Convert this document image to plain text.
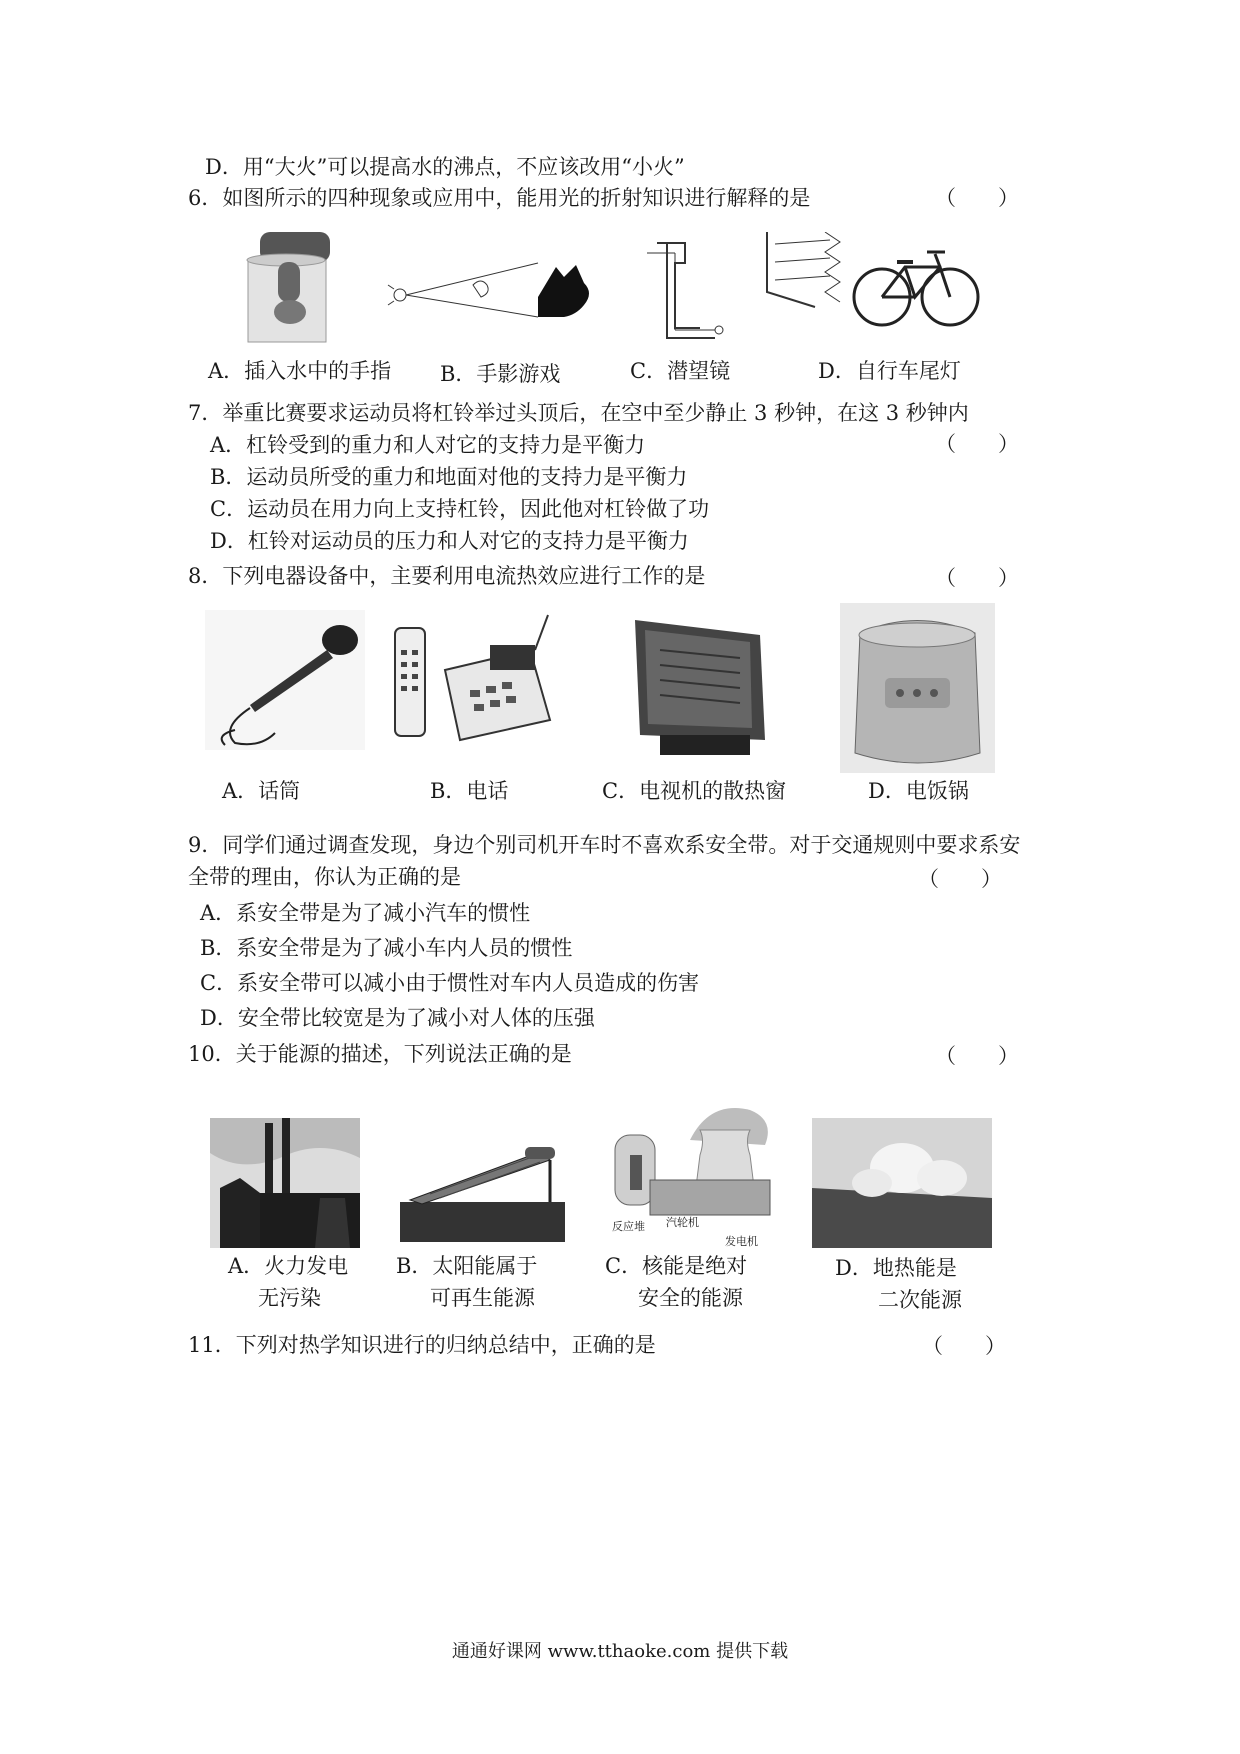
D．用“大火”可以提高水的沸点，不应该改用“小火”
6．如图所示的四种现象或应用中，能用光的折射知识进行解释的是	（　　）
A．插入水中的手指 B．手影游戏	C．潜望镜	D．自行车尾灯
7．举重比赛要求运动员将杠铃举过头顶后，在空中至少静止 3 秒钟，在这 3 秒钟内
（　　）
A．杠铃受到的重力和人对它的支持力是平衡力
B．运动员所受的重力和地面对他的支持力是平衡力
C．运动员在用力向上支持杠铃，因此他对杠铃做了功
D．杠铃对运动员的压力和人对它的支持力是平衡力
8．下列电器设备中，主要利用电流热效应进行工作的是	（　　）
A．话筒	B．电话	C．电视机的散热窗	D．电饭锅
9．同学们通过调查发现，身边个别司机开车时不喜欢系安全带。对于交通规则中要求系安
全带的理由，你认为正确的是	（　　）
A．系安全带是为了减小汽车的惯性
B．系安全带是为了减小车内人员的惯性
C．系安全带可以减小由于惯性对车内人员造成的伤害
D．安全带比较宽是为了减小对人体的压强
10．关于能源的描述，下列说法正确的是	（　　）
反应堆 汽轮机
发电机
A．火力发电
无污染
B．太阳能属于
可再生能源
C．核能是绝对
安全的能源
D．地热能是
二次能源
11．下列对热学知识进行的归纳总结中，正确的是	（　　）
通通好课网 www.tthaoke.com 提供下载
